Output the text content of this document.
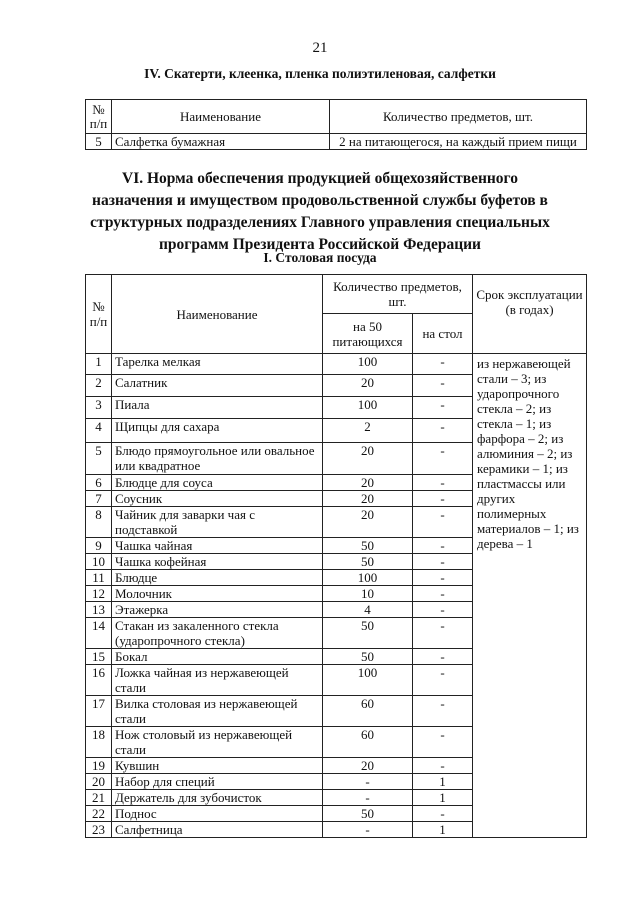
21
IV. Скатерти, клеенка, пленка полиэтиленовая, салфетки
№ п/п	Наименование	Количество предметов, шт.
5	Салфетка бумажная	2 на питающегося, на каждый прием пищи
VI. Норма обеспечения продукцией общехозяйственного назначения и имуществом продовольственной службы буфетов в структурных подразделениях Главного управления специальных программ Президента Российской Федерации
I. Столовая посуда
№ п/п	Наименование	Количество предметов, шт.		Срок эксплуатации (в годах)
		на 50 питающихся	на стол	
1	Тарелка мелкая	100	-	из нержавеющей стали – 3; из ударопрочного стекла – 2; из стекла – 1; из фарфора – 2; из алюминия – 2; из керамики – 1; из пластмассы или других полимерных материалов – 1; из дерева – 1
2	Салатник	20	-	
3	Пиала	100	-	
4	Щипцы для сахара	2	-	
5	Блюдо прямоугольное или овальное или квадратное	20	-	
6	Блюдце для соуса	20	-	
7	Соусник	20	-	
8	Чайник для заварки чая с подставкой	20	-	
9	Чашка чайная	50	-	
10	Чашка кофейная	50	-	
11	Блюдце	100	-	
12	Молочник	10	-	
13	Этажерка	4	-	
14	Стакан из закаленного стекла (ударопрочного стекла)	50	-	
15	Бокал	50	-	
16	Ложка чайная из нержавеющей стали	100	-	
17	Вилка столовая из нержавеющей стали	60	-	
18	Нож столовый из нержавеющей стали	60	-	
19	Кувшин	20	-	
20	Набор для специй	-	1	
21	Держатель для зубочисток	-	1	
22	Поднос	50	-	
23	Салфетница	-	1	
